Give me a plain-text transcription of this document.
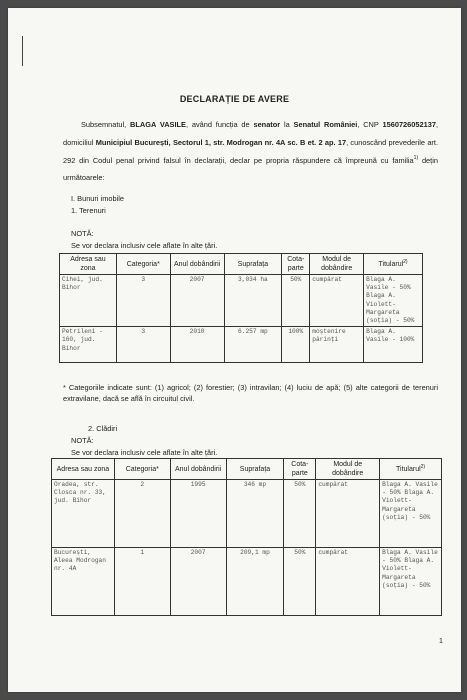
DECLARAȚIE DE AVERE

Subsemnatul, BLAGA VASILE, având funcția de senator la Senatul României, CNP 1560726052137, domiciliul Municipiul București, Sectorul 1, str. Modrogan nr. 4A sc. B et. 2 ap. 17, cunoscând prevederile art. 292 din Codul penal privind falsul în declarații, declar pe propria răspundere că împreună cu familia$^{1)}$ dețin următoarele:

I. Bunuri imobile
1. Terenuri
NOTĂ:
Se vor declara inclusiv cele aflate în alte țări.
Adresa sau zona	Categoria*	Anul dobândirii	Suprafața	Cota-parte	Modul de dobândire	Titularul$^{2)}$
Cihei, jud. Bihor	3	2007	3,034 ha	50%	cumpărat	Blaga A. Vasile - 50% Blaga A. Violett-Margareta (soția) - 50%
Petrileni - 160, jud. Bihor	3	2010	6.257 mp	100%	moștenire părinți	Blaga A. Vasile - 100%
* Categoriile indicate sunt: (1) agricol; (2) forestier; (3) intravilan; (4) luciu de apă; (5) alte categorii de terenuri extravilane, dacă se află în circuitul civil.
2. Clădiri
NOTĂ:
Se vor declara inclusiv cele aflate în alte țări.
Adresa sau zona	Categoria*	Anul dobândirii	Suprafața	Cota-parte	Modul de dobândire	Titularul$^{2)}$
Oradea, str. Closca nr. 33, jud. Bihor	2	1995	346 mp	50%	cumpărat	Blaga A. Vasile - 50% Blaga A. Violett-Margareta (soția) - 50%
București, Aleea Modrogan nr. 4A	1	2007	209,1 mp	50%	cumpărat	Blaga A. Vasile - 50% Blaga A. Violett-Margareta (soția) - 50%
1
